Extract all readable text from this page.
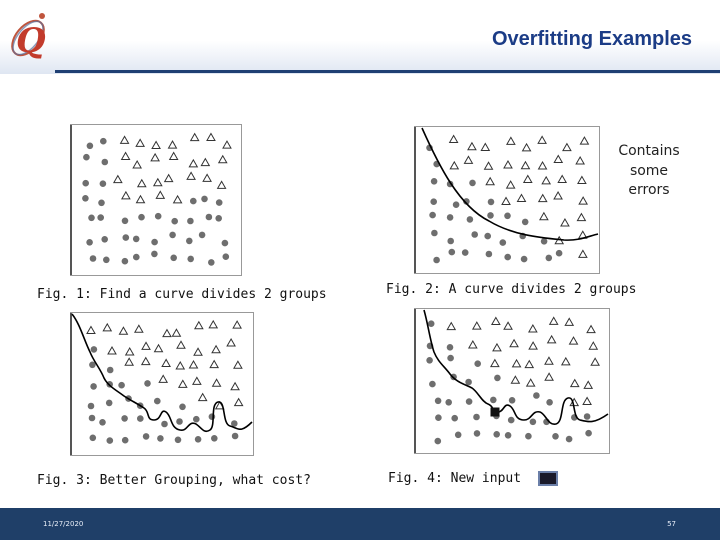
Q	Overfitting Examples
Fig. 1: Find a curve divides 2 groups	Fig. 2: A curve divides 2 groups
Contains
some
errors
Fig. 3: Better Grouping, what cost?	Fig. 4: New input
11/27/2020	57
